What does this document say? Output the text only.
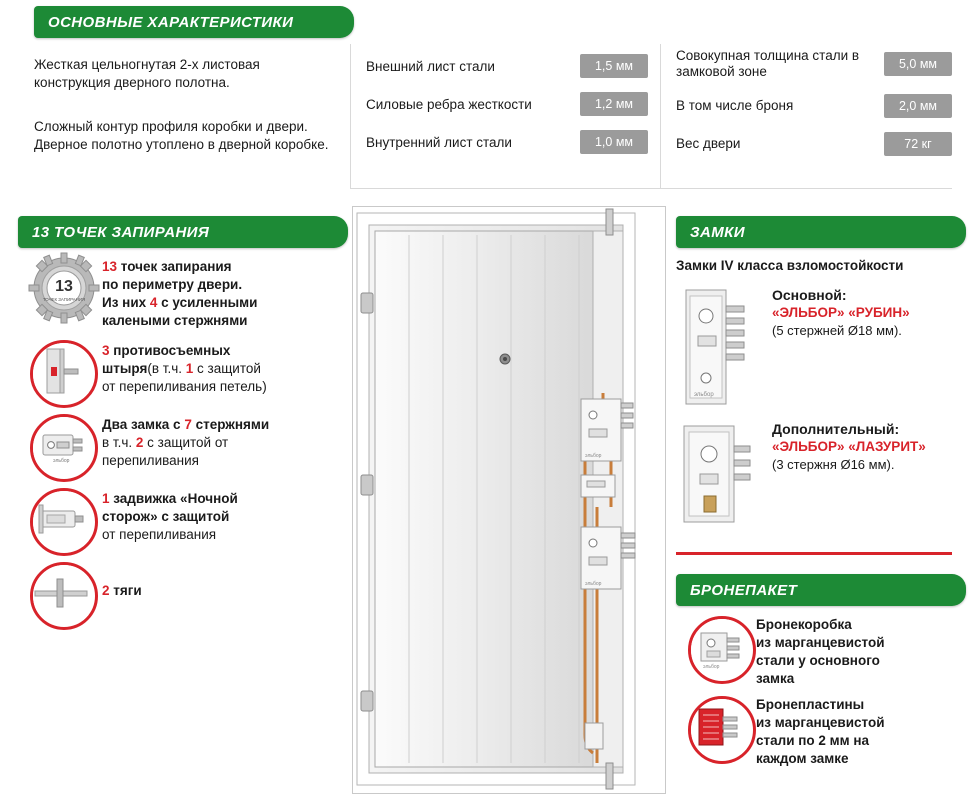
ОСНОВНЫЕ ХАРАКТЕРИСТИКИ
13 ТОЧЕК ЗАПИРАНИЯ	ЗАМКИ
БРОНЕПАКЕТ
Жесткая цельногнутая 2-х листовая конструкция дверного полотна.
Сложный контур профиля коробки и двери. Дверное полотно утоплено в дверной коробке.
Внешний лист стали	1,5 мм
Силовые ребра жесткости	1,2 мм
Внутренний лист стали	1,0 мм
Совокупная толщина стали в замковой зоне	5,0 мм
В том числе броня	2,0 мм
Вес двери	72 кг
13
ТОЧЕК ЗАПИРАНИЯ
13 точек запирания
по периметру двери.
Из них 4 с усиленными
калеными стержнями
3 противосъемных
штыря(в т.ч. 1 с защитой
от перепиливания петель)
эльбор
Два замка с 7 стержнями
в т.ч. 2 с защитой от
перепиливания
1 задвижка «Ночной
сторож» с защитой
от перепиливания
2 тяги
эльбор
эльбор
Замки IV класса взломостойкости
эльбор
Основной:
«ЭЛЬБОР» «РУБИН»
(5 стержней Ø18 мм).
Дополнительный:
«ЭЛЬБОР» «ЛАЗУРИТ»
(3 стержня Ø16 мм).
эльбор
Бронекоробка
из марганцевистой
стали у основного
замка
Бронепластины
из марганцевистой
стали по 2 мм на
каждом замке
